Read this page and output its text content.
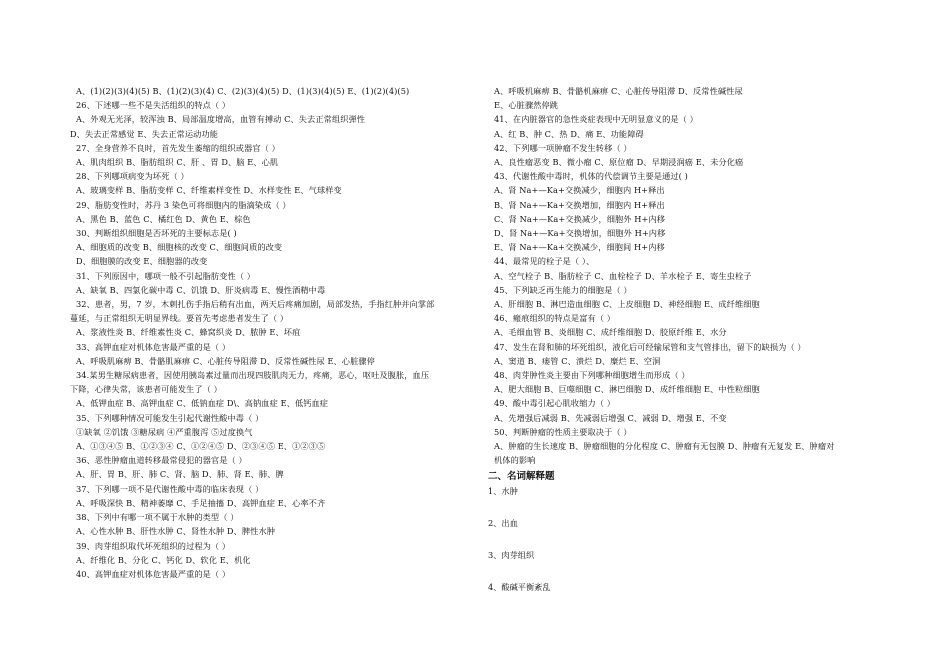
A、(1)(2)(3)(4)(5) B、(1)(2)(3)(4) C、(2)(3)(4)(5) D、(1)(3)(4)(5) E、(1)(2)(4)(5)
26、下述哪一些不是失活组织的特点（ ）
A、外观无光泽，较浑浊 B、局部温度增高，血管有搏动 C、失去正常组织弹性
D、失去正常感觉 E、失去正常运动功能
27、全身营养不良时，首先发生萎缩的组织或器官（ ）
A、肌肉组织 B、脂肪组织 C、肝 、胃 D、脑 E、心肌
28、下列哪项病变为坏死（ ）
A、玻璃变样 B、脂肪变样 C、纤维素样变性 D、水样变性 E、气球样变
29、脂肪变性时，苏丹 3 染色可将细胞内的脂滴染成（ ）
A、黑色 B、蓝色 C、橘红色 D、黄色 E、棕色
30、判断组织细胞是否坏死的主要标志是( )
A、细胞质的改变 B、细胞核的改变 C、细胞间质的改变
D、细胞膜的改变 E、细胞器的改变
31、下列原因中，哪项一般不引起脂肪变性（ ）
A、缺氧 B、四氯化碳中毒 C、饥饿 D、肝炎病毒 E、慢性酒精中毒
32、患者，男，7 岁，木刺扎伤手指后稍有出血，两天后疼痛加剧，局部发热，手指红肿并向掌部
蔓延，与正常组织无明显界线。要首先考虑患者发生了（ ）
A、浆液性炎 B、纤维素性炎 C、蜂窝织炎 D、脓肿 E、坏疽
33、高钾血症对机体危害最严重的是（ ）
A、呼吸肌麻痹 B、骨骼肌麻痹 C、心脏传导阻滞 D、反常性碱性尿 E、心脏骤停
34.某男生糖尿病患者，因使用胰岛素过量而出现四肢肌肉无力，疼痛，恶心，呕吐及腹胀，血压
下降，心律失常，该患者可能发生了（ ）
A、低钾血症 B、高钾血症 C、低钠血症 D\、高钠血症 E、低钙血症
35、下列哪种情况可能发生引起代谢性酸中毒（ ）
①缺氧 ②饥饿 ③糖尿病 ④严重腹泻 ⑤过度换气
A、①③④⑤ B、①②③④ C、①②④⑤ D、②③④⑤ E、①②③⑤
36、恶性肿瘤血道转移最常侵犯的器官是（ ）
A、肝、胃 B、肝、肺 C、肾、脑 D、肺、肾 E、肺、脾
37、下列哪一项不是代谢性酸中毒的临床表现（ ）
A、呼吸深快 B、精神萎靡 C、手足抽搐 D、高钾血症 E、心率不齐
38、下列中有哪一项不属于水肿的类型（ ）
A、心性水肿 B、肝性水肿 C、肾性水肿 D、脾性水肿
39、肉芽组织取代坏死组织的过程为（ ）
A、纤维化 B、分化 C、钙化 D、软化 E、机化
40、高钾血症对机体危害最严重的是（ ）
A、呼吸机麻痹 B、骨骼机麻痹 C、心脏传导阻滞 D、反常性碱性尿
E、心脏骤然停跳
41、在内脏器官的急性炎症表现中无明显意义的是（ ）
A、红 B、肿 C、热 D、痛 E、功能障碍
42、下列哪一项肿瘤不发生转移（ ）
A、良性瘤恶变 B、微小瘤 C、原位瘤 D、早期浸润癌 E、未分化癌
43、代谢性酸中毒时，机体的代偿调节主要是通过( )
A、肾 Na+—Ka+交换减少，细胞内 H+释出
B、肾 Na+—Ka+交换增加，细胞内 H+释出
C、肾 Na+—Ka+交换减少，细胞外 H+内移
D、肾 Na+—Ka+交换增加，细胞外 H+内移
E、肾 Na+—Ka+交换减少，细胞间 H+内移
44、最常见的栓子是（ ）、
A、空气栓子 B、脂肪栓子 C、血栓栓子 D、羊水栓子 E、寄生虫栓子
45、下列缺乏再生能力的细胞是（ ）
A、肝细胞 B、淋巴造血细胞 C、上皮细胞 D、神经细胞 E、成纤维细胞
46、瘢痕组织的特点是富有（ ）
A、毛细血管 B、炎细胞 C、成纤维细胞 D、胶原纤维 E、水分
47、发生在肾和肺的坏死组织，液化后可经输尿管和支气管排出，留下的缺损为（ ）
A、窦道 B、瘘管 C、溃烂 D、糜烂 E、空洞
48、肉芽肿性炎主要由下列哪种细胞增生而形成（ ）
A、肥大细胞 B、巨噬细胞 C、淋巴细胞 D、成纤维细胞 E、中性粒细胞
49、酸中毒引起心肌收缩力（ ）
A、先增强后减弱 B、先减弱后增强 C、减弱 D、增强 E、不变
50、判断肿瘤的性质主要取决于（ ）
A、肿瘤的生长速度 B、肿瘤细胞的分化程度 C、肿瘤有无包膜 D、肿瘤有无复发 E、肿瘤对
机体的影响
二、名词解释题
1、水肿
2、出血
3、肉芽组织
4、酸碱平衡紊乱
